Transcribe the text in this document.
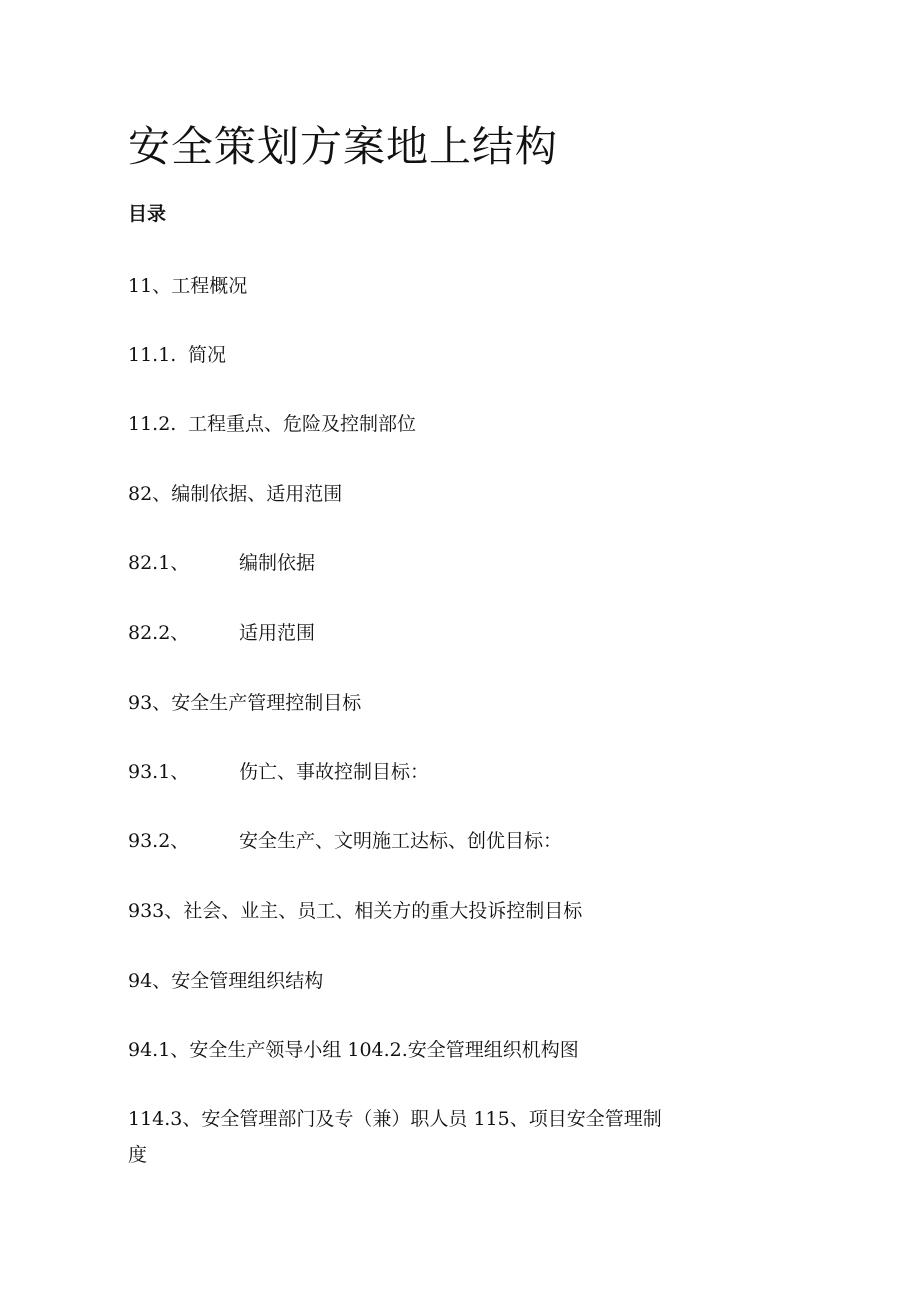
安全策划方案地上结构
目录
11、工程概况
11.1. 简况
11.2. 工程重点、危险及控制部位
82、编制依据、适用范围
82.1、	编制依据
82.2、	适用范围
93、安全生产管理控制目标
93.1、	伤亡、事故控制目标：
93.2、	安全生产、文明施工达标、创优目标：
933、社会、业主、员工、相关方的重大投诉控制目标
94、安全管理组织结构
94.1、安全生产领导小组 104.2.安全管理组织机构图
114.3、安全管理部门及专（兼）职人员 115、项目安全管理制度
